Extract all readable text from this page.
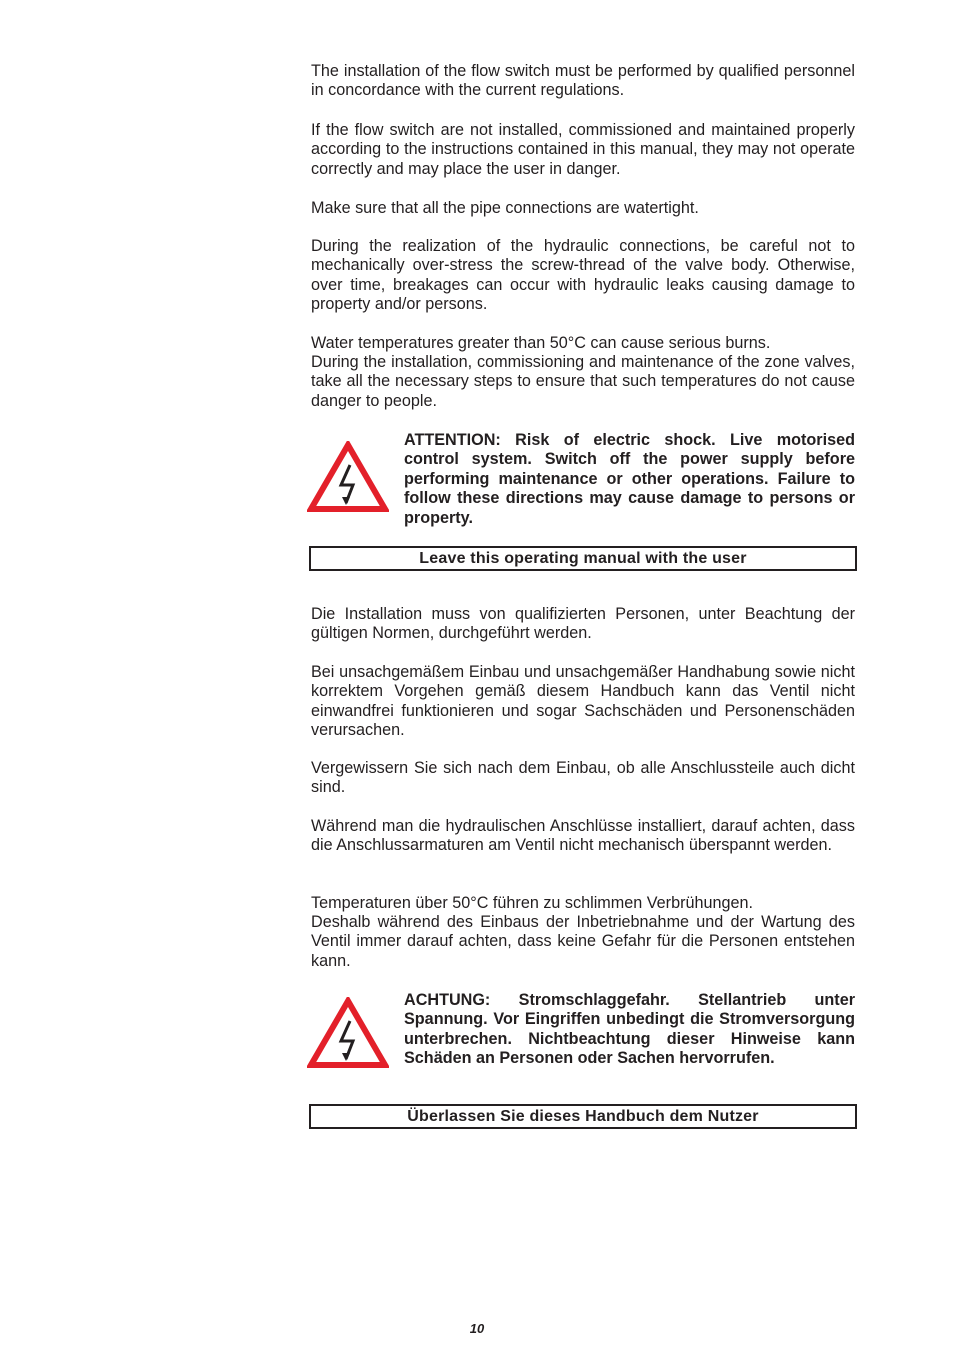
The installation of the flow switch must be performed by qualified personnel in concordance with the current regulations.

If the flow switch are not installed, commissioned and maintained properly according to the instructions contained in this manual, they may not operate correctly and may place the user in danger.

Make sure that all the pipe connections are watertight.

During the realization of the hydraulic connections, be careful not to mechanically over-stress the screw-thread of the valve body. Otherwise, over time, breakages can occur with hydraulic leaks causing damage to property and/or persons.

Water temperatures greater than 50°C can cause serious burns.

During the installation, commissioning and maintenance of the zone valves, take all the necessary steps to ensure that such temperatures do not cause danger to people.

ATTENTION: Risk of electric shock. Live motorised control system. Switch off the power supply before performing maintenance or other operations. Failure to follow these directions may cause damage to persons or property.

Leave this operating manual with the user

Die Installation muss von qualifizierten Personen, unter Beachtung der gültigen Normen, durchgeführt werden.

Bei unsachgemäßem Einbau und unsachgemäßer Handhabung sowie nicht korrektem Vorgehen gemäß diesem Handbuch kann das Ventil nicht einwandfrei funktionieren und sogar Sachschäden und Personenschäden verursachen.

Vergewissern Sie sich nach dem Einbau, ob alle Anschlussteile auch dicht sind.

Während man die hydraulischen Anschlüsse installiert, darauf achten, dass die Anschlussarmaturen am Ventil nicht mechanisch überspannt werden.

Temperaturen über 50°C führen zu schlimmen Verbrühungen.

Deshalb während des Einbaus der Inbetriebnahme und der Wartung des Ventil immer darauf achten, dass keine Gefahr für die Personen entstehen kann.

ACHTUNG: Stromschlaggefahr. Stellantrieb unter Spannung. Vor Eingriffen unbedingt die Stromversorgung unterbrechen. Nichtbeachtung dieser Hinweise kann Schäden an Personen oder Sachen hervorrufen.

Überlassen Sie dieses Handbuch dem Nutzer
10
